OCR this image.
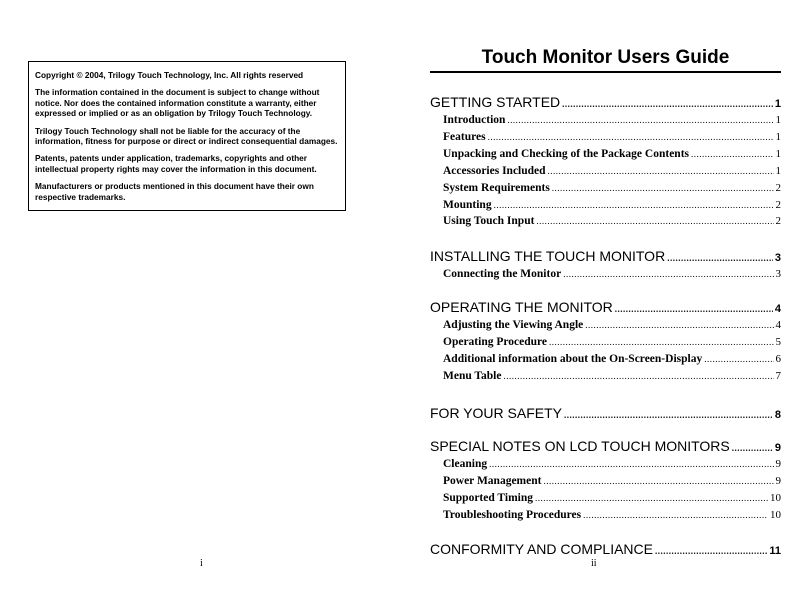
Copyright © 2004, Trilogy Touch Technology, Inc. All rights reserved

The information contained in the document is subject to change without notice. Nor does the contained information constitute a warranty, either expressed or implied or as an obligation by Trilogy Touch Technology.

Trilogy Touch Technology shall not be liable for the accuracy of the information, fitness for purpose or direct or indirect consequential damages.

Patents, patents under application, trademarks, copyrights and other intellectual property rights may cover the information in this document.

Manufacturers or products mentioned in this document have their own respective trademarks.

i
Touch Monitor Users Guide
GETTING STARTED .....	1
Introduction .....	1
Features .....	1
Unpacking and Checking of the Package Contents .....	1
Accessories Included .....	1
System Requirements .....	2
Mounting .....	2
Using Touch Input .....	2
INSTALLING THE TOUCH MONITOR .....	3
Connecting the Monitor .....	3
OPERATING THE MONITOR .....	4
Adjusting the Viewing Angle .....	4
Operating Procedure .....	5
Additional information about the On-Screen-Display .....	6
Menu Table .....	7
FOR YOUR SAFETY .....	8
SPECIAL NOTES ON LCD TOUCH MONITORS .....	9
Cleaning .....	9
Power Management .....	9
Supported Timing .....	10
Troubleshooting Procedures .....	10
CONFORMITY AND COMPLIANCE .....	11
ii
